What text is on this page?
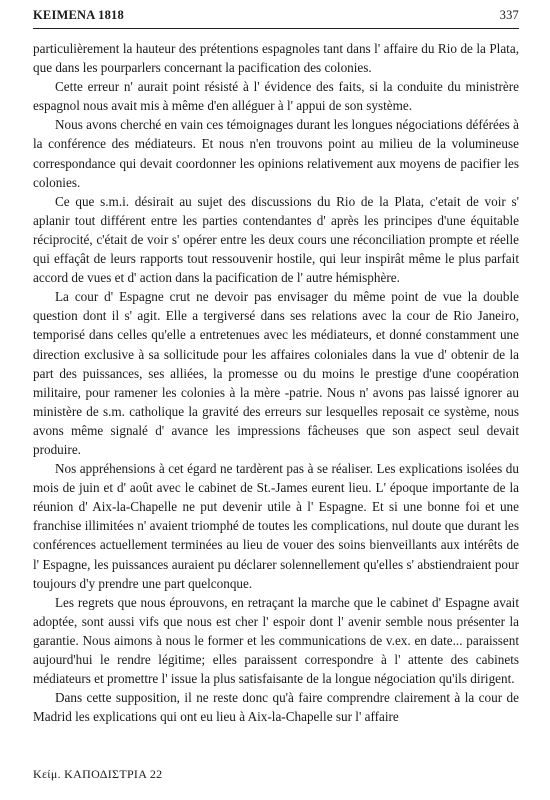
ΚΕΙΜΕΝΑ 1818	337

particulièrement la hauteur des prétentions espagnoles tant dans l' affaire du Rio de la Plata, que dans les pourparlers concernant la pacification des colonies.

Cette erreur n' aurait point résisté à l' évidence des faits, si la conduite du ministrère espagnol nous avait mis à même d'en alléguer à l' appui de son système.

Nous avons cherché en vain ces témoignages durant les longues négociations déférées à la conférence des médiateurs. Et nous n'en trouvons point au milieu de la volumineuse correspondance qui devait coordonner les opinions relativement aux moyens de pacifier les colonies.

Ce que s.m.i. désirait au sujet des discussions du Rio de la Plata, c'etait de voir s' aplanir tout différent entre les parties contendantes d' après les principes d'une équitable réciprocité, c'était de voir s' opérer entre les deux cours une réconciliation prompte et réelle qui effaçât de leurs rapports tout ressouvenir hostile, qui leur inspirât même le plus parfait accord de vues et d' action dans la pacification de l' autre hémisphère.

La cour d' Espagne crut ne devoir pas envisager du même point de vue la double question dont il s' agit. Elle a tergiversé dans ses relations avec la cour de Rio Janeiro, temporisé dans celles qu'elle a entretenues avec les médiateurs, et donné constamment une direction exclusive à sa sollicitude pour les affaires coloniales dans la vue d' obtenir de la part des puissances, ses alliées, la promesse ou du moins le prestige d'une coopération militaire, pour ramener les colonies à la mère -patrie. Nous n' avons pas laissé ignorer au ministère de s.m. catholique la gravité des erreurs sur lesquelles reposait ce système, nous avons même signalé d' avance les impressions fâcheuses que son aspect seul devait produire.

Nos appréhensions à cet égard ne tardèrent pas à se réaliser. Les explications isolées du mois de juin et d' août avec le cabinet de St.-James eurent lieu. L' époque importante de la réunion d' Aix-la-Chapelle ne put devenir utile à l' Espagne. Et si une bonne foi et une franchise illimitées n' avaient triomphé de toutes les complications, nul doute que durant les conférences actuellement terminées au lieu de vouer des soins bienveillants aux intérêts de l' Espagne, les puissances auraient pu déclarer solennellement qu'elles s' abstiendraient pour toujours d'y prendre une part quelconque.

Les regrets que nous éprouvons, en retraçant la marche que le cabinet d' Espagne avait adoptée, sont aussi vifs que nous est cher l' espoir dont l' avenir semble nous présenter la garantie. Nous aimons à nous le former et les communications de v.ex. en date... paraissent aujourd'hui le rendre légitime; elles paraissent correspondre à l' attente des cabinets médiateurs et promettre l' issue la plus satisfaisante de la longue négociation qu'ils dirigent.

Dans cette supposition, il ne reste donc qu'à faire comprendre clairement à la cour de Madrid les explications qui ont eu lieu à Aix-la-Chapelle sur l' affaire

Κείμ. ΚΑΠΟΔΙΣΤΡΙΑ 22
